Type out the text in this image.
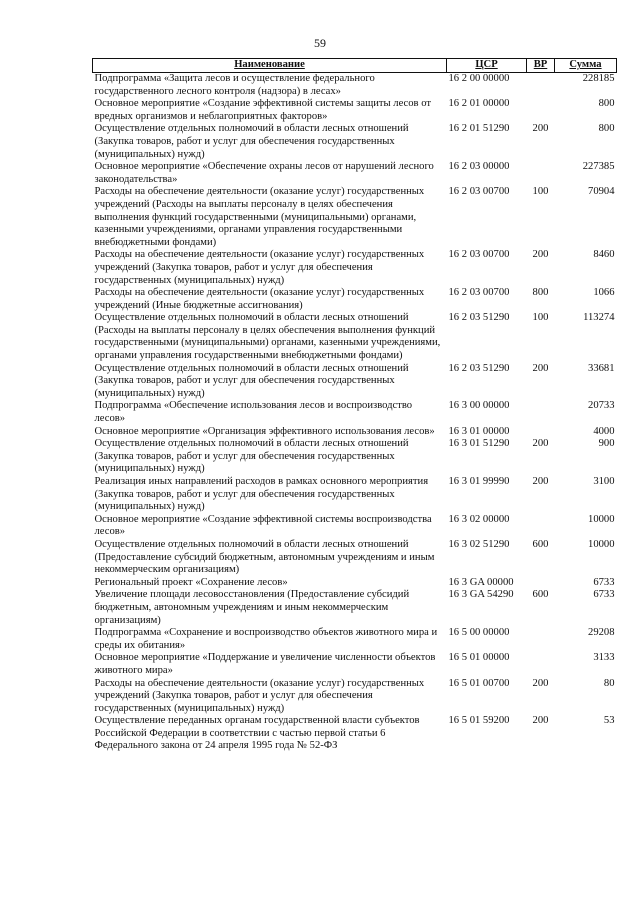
59
Наименование	ЦСР	ВР	Сумма
Подпрограмма «Защита лесов и осуществление федерального государственного лесного контроля (надзора) в лесах»	16 2 00 00000		228185
Основное мероприятие «Создание эффективной системы защиты лесов от вредных организмов и неблагоприятных факторов»	16 2 01 00000		800
Осуществление отдельных полномочий в области лесных отношений (Закупка товаров, работ и услуг для обеспечения государственных (муниципальных) нужд)	16 2 01 51290	200	800
Основное мероприятие «Обеспечение охраны лесов от нарушений лесного законодательства»	16 2 03 00000		227385
Расходы на обеспечение деятельности (оказание услуг) государственных учреждений (Расходы на выплаты персоналу в целях обеспечения выполнения функций государственными (муниципальными) органами, казенными учреждениями, органами управления государственными внебюджетными фондами)	16 2 03 00700	100	70904
Расходы на обеспечение деятельности (оказание услуг) государственных учреждений (Закупка товаров, работ и услуг для обеспечения государственных (муниципальных) нужд)	16 2 03 00700	200	8460
Расходы на обеспечение деятельности (оказание услуг) государственных учреждений (Иные бюджетные ассигнования)	16 2 03 00700	800	1066
Осуществление отдельных полномочий в области лесных отношений (Расходы на выплаты персоналу в целях обеспечения выполнения функций государственными (муниципальными) органами, казенными учреждениями, органами управления государственными внебюджетными фондами)	16 2 03 51290	100	113274
Осуществление отдельных полномочий в области лесных отношений (Закупка товаров, работ и услуг для обеспечения государственных (муниципальных) нужд)	16 2 03 51290	200	33681
Подпрограмма «Обеспечение использования лесов и воспроизводство лесов»	16 3 00 00000		20733
Основное мероприятие «Организация эффективного использования лесов»	16 3 01 00000		4000
Осуществление отдельных полномочий в области лесных отношений (Закупка товаров, работ и услуг для обеспечения государственных (муниципальных) нужд)	16 3 01 51290	200	900
Реализация иных направлений расходов в рамках основного мероприятия (Закупка товаров, работ и услуг для обеспечения государственных (муниципальных) нужд)	16 3 01 99990	200	3100
Основное мероприятие «Создание эффективной системы воспроизводства лесов»	16 3 02 00000		10000
Осуществление отдельных полномочий в области лесных отношений (Предоставление субсидий бюджетным, автономным учреждениям и иным некоммерческим организациям)	16 3 02 51290	600	10000
Региональный проект «Сохранение лесов»	16 3 GA 00000		6733
Увеличение площади лесовосстановления (Предоставление субсидий бюджетным, автономным учреждениям и иным некоммерческим организациям)	16 3 GA 54290	600	6733
Подпрограмма «Сохранение и воспроизводство объектов животного мира и среды их обитания»	16 5 00 00000		29208
Основное мероприятие «Поддержание и увеличение численности объектов животного мира»	16 5 01 00000		3133
Расходы на обеспечение деятельности (оказание услуг) государственных учреждений (Закупка товаров, работ и услуг для обеспечения государственных (муниципальных) нужд)	16 5 01 00700	200	80
Осуществление переданных органам государственной власти субъектов Российской Федерации в соответствии с частью первой статьи 6 Федерального закона от 24 апреля 1995 года № 52-ФЗ	16 5 01 59200	200	53
